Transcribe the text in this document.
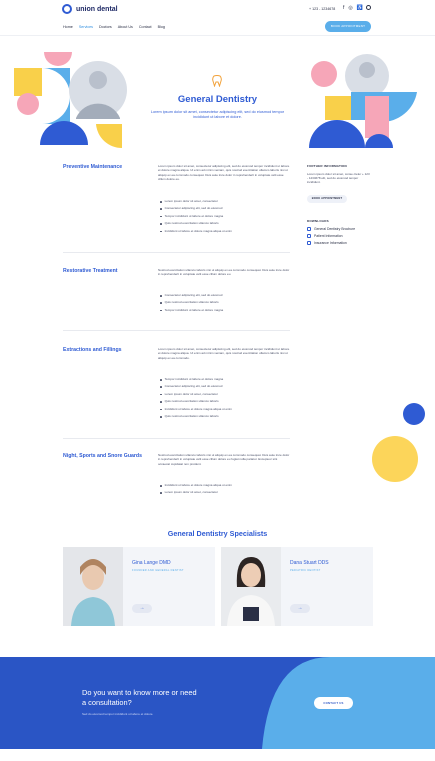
union dental	+ 123 - 1234678 f ◎ ♿
Home Services Doctors About Us Contact Blog	BOOK APPOINTMENT
General Dentistry
Lorem ipsum dolor sit amet, consectetur adipiscing elit, sed do eiusmod tempor incididunt ut labore et dolore.
Preventive Maintenance	Lorem ipsum dolor sit amet, consectetur adipiscing elit, sed do eiusmod tempor incididunt ut labore et dolore magna aliqua. Ut enim ad minim veniam, quis nostrud exercitation ullamco laboris nisi ut aliquip ex ea commodo consequat. Duis aute irure dolor in reprehenderit in voluptate velit esse cillum dolore eu.
Lorem ipsum dolor sit amet, consectetur
Consectetur adipiscing elit, sed do eiusmod
Tempor incididunt ut labore et dolore magna
Quis nostrud exercitation ullamco laboris
Incididunt ut labore et dolore magna aliqua ut enim
Restorative Treatment	Nostrud exercitation ullamco laboris nisi ut aliquip ex ea commodo consequat. Duis aute irure dolor in reprehenderit in voluptate velit esse cillum dolore eu.
Consectetur adipiscing elit, sed do eiusmod
Quis nostrud exercitation ullamco laboris
Tempor incididunt ut labore et dolore magna
Extractions and Fillings	Lorem ipsum dolor sit amet, consectetur adipiscing elit, sed do eiusmod tempor incididunt ut labore et dolore magna aliqua. Ut enim ad minim veniam, quis nostrud exercitation ullamco laboris nisi ut aliquip ex ea commodo.
Tempor incididunt ut labore et dolore magna
Consectetur adipiscing elit, sed do eiusmod
Lorem ipsum dolor sit amet, consectetur
Quis nostrud exercitation ullamco laboris
Incididunt ut labore et dolore magna aliqua ut enim
Quis nostrud exercitation ullamco laboris
Night, Sports and Snore Guards	Nostrud exercitation ullamco laboris nisi ut aliquip ex ea commodo consequat. Duis aute irure dolor in reprehenderit in voluptate velit esse cillum dolore eu fugiat nulla pariatur. Excepteur sint occaecat cupidatat non proident.
Incididunt ut labore et dolore magna aliqua ut enim
Lorem ipsum dolor sit amet, consectetur
FURTHER INFORMATION
Lorem ipsum dolor sit amet, conse ctetur + 123 - 1234678 elit, sed do eiusmod tempor incididunt.
BOOK APPOINTMENT
DOWNLOADS
General Dentistry Brochure
Patient Information
Insurance Information
General Dentistry Specialists
Gina Lange DMD
FOUNDER AND GENERAL DENTIST
→
Dana Stuart DDS
PEDIATRIC DENTIST
→
Do you want to know more or need a consultation?
Sed do eiusmod tempor incididunt ut labore et dolore.
CONTACT US
